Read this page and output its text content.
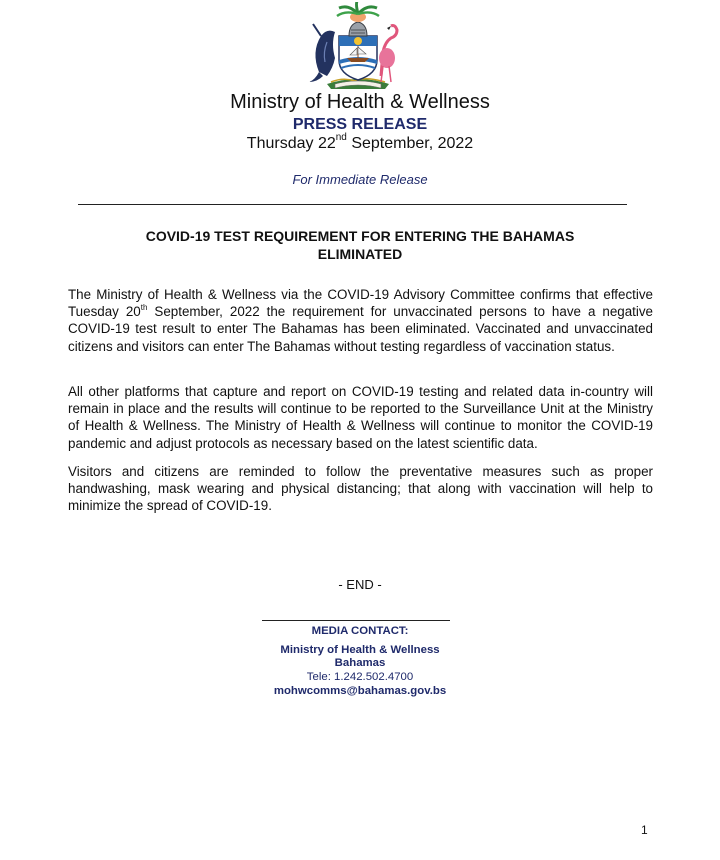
Ministry of Health & Wellness
PRESS RELEASE
Thursday 22nd September, 2022
For Immediate Release
COVID-19 TEST REQUIREMENT FOR ENTERING THE BAHAMAS
ELIMINATED
The Ministry of Health & Wellness via the COVID-19 Advisory Committee confirms that effective Tuesday 20th September, 2022 the requirement for unvaccinated persons to have a negative COVID-19 test result to enter The Bahamas has been eliminated. Vaccinated and unvaccinated citizens and visitors can enter The Bahamas without testing regardless of vaccination status.
All other platforms that capture and report on COVID-19 testing and related data in-country will remain in place and the results will continue to be reported to the Surveillance Unit at the Ministry of Health & Wellness. The Ministry of Health & Wellness will continue to monitor the COVID-19 pandemic and adjust protocols as necessary based on the latest scientific data.
Visitors and citizens are reminded to follow the preventative measures such as proper handwashing, mask wearing and physical distancing; that along with vaccination will help to minimize the spread of COVID-19.
- END -
MEDIA CONTACT:
Ministry of Health & Wellness
Bahamas
Tele: 1.242.502.4700
mohwcomms@bahamas.gov.bs
1
